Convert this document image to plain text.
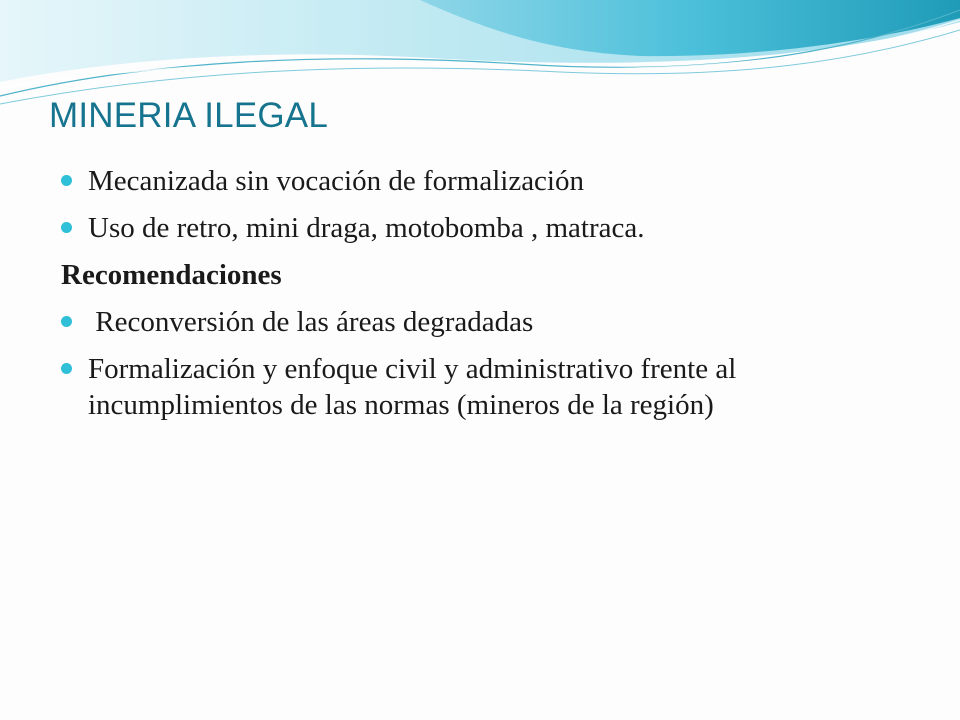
MINERIA ILEGAL
Mecanizada sin vocación de formalización
Uso de retro, mini draga, motobomba , matraca.
Recomendaciones
Reconversión de las áreas degradadas
Formalización y enfoque civil y administrativo frente al incumplimientos de las normas (mineros de la región)
